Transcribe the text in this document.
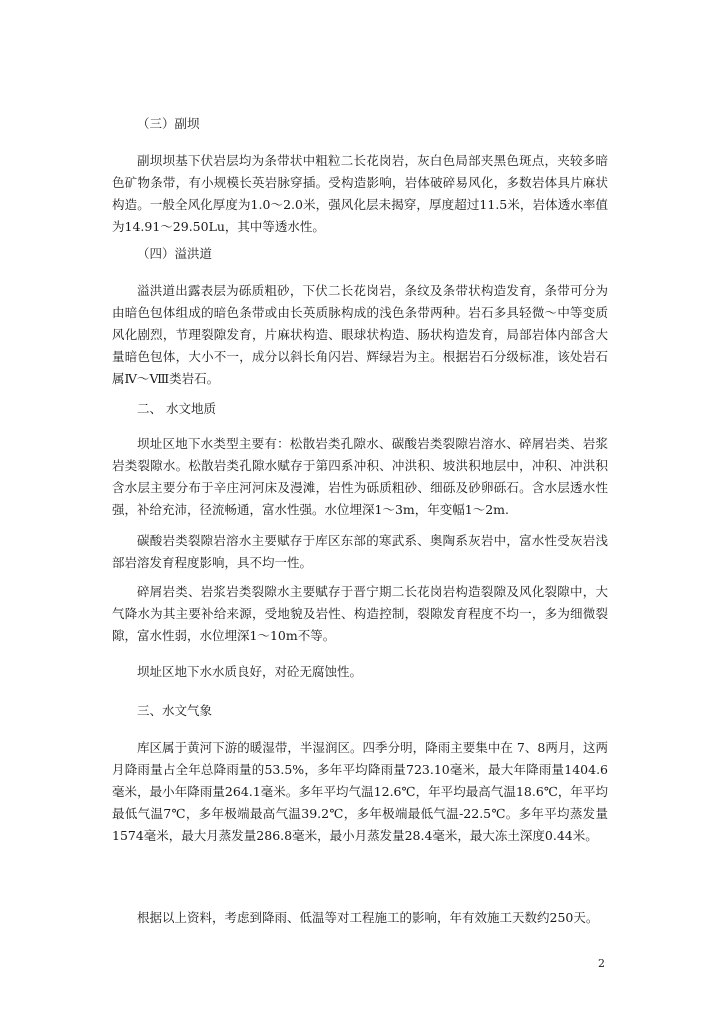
（三）副坝

副坝坝基下伏岩层均为条带状中粗粒二长花岗岩，灰白色局部夹黑色斑点，夹较多暗色矿物条带，有小规模长英岩脉穿插。受构造影响，岩体破碎易风化，多数岩体具片麻状构造。一般全风化厚度为1.0～2.0米，强风化层未揭穿，厚度超过11.5米，岩体透水率值为14.91～29.50Lu，其中等透水性。

（四）溢洪道

溢洪道出露表层为砾质粗砂，下伏二长花岗岩，条纹及条带状构造发育，条带可分为由暗色包体组成的暗色条带或由长英质脉构成的浅色条带两种。岩石多具轻微～中等变质风化剧烈，节理裂隙发育，片麻状构造、眼球状构造、肠状构造发育，局部岩体内部含大量暗色包体，大小不一，成分以斜长角闪岩、辉绿岩为主。根据岩石分级标准，该处岩石属Ⅳ～Ⅷ类岩石。

二、 水文地质

坝址区地下水类型主要有：松散岩类孔隙水、碳酸岩类裂隙岩溶水、碎屑岩类、岩浆岩类裂隙水。松散岩类孔隙水赋存于第四系冲积、冲洪积、坡洪积地层中，冲积、冲洪积含水层主要分布于辛庄河河床及漫滩，岩性为砾质粗砂、细砾及砂卵砾石。含水层透水性强，补给充沛，径流畅通，富水性强。水位埋深1～3m，年变幅1～2m.

碳酸岩类裂隙岩溶水主要赋存于库区东部的寒武系、奥陶系灰岩中，富水性受灰岩浅部岩溶发育程度影响，具不均一性。

碎屑岩类、岩浆岩类裂隙水主要赋存于晋宁期二长花岗岩构造裂隙及风化裂隙中，大气降水为其主要补给来源，受地貌及岩性、构造控制，裂隙发育程度不均一，多为细微裂隙，富水性弱，水位埋深1～10m不等。

坝址区地下水水质良好，对砼无腐蚀性。

三、水文气象

库区属于黄河下游的暖湿带，半湿润区。四季分明，降雨主要集中在 7、8两月，这两月降雨量占全年总降雨量的53.5%，多年平均降雨量723.10毫米，最大年降雨量1404.6毫米，最小年降雨量264.1毫米。多年平均气温12.6℃，年平均最高气温18.6℃，年平均最低气温7℃，多年极端最高气温39.2℃，多年极端最低气温-22.5℃。多年平均蒸发量1574毫米，最大月蒸发量286.8毫米，最小月蒸发量28.4毫米，最大冻土深度0.44米。

根据以上资料，考虑到降雨、低温等对工程施工的影响，年有效施工天数约250天。

2
